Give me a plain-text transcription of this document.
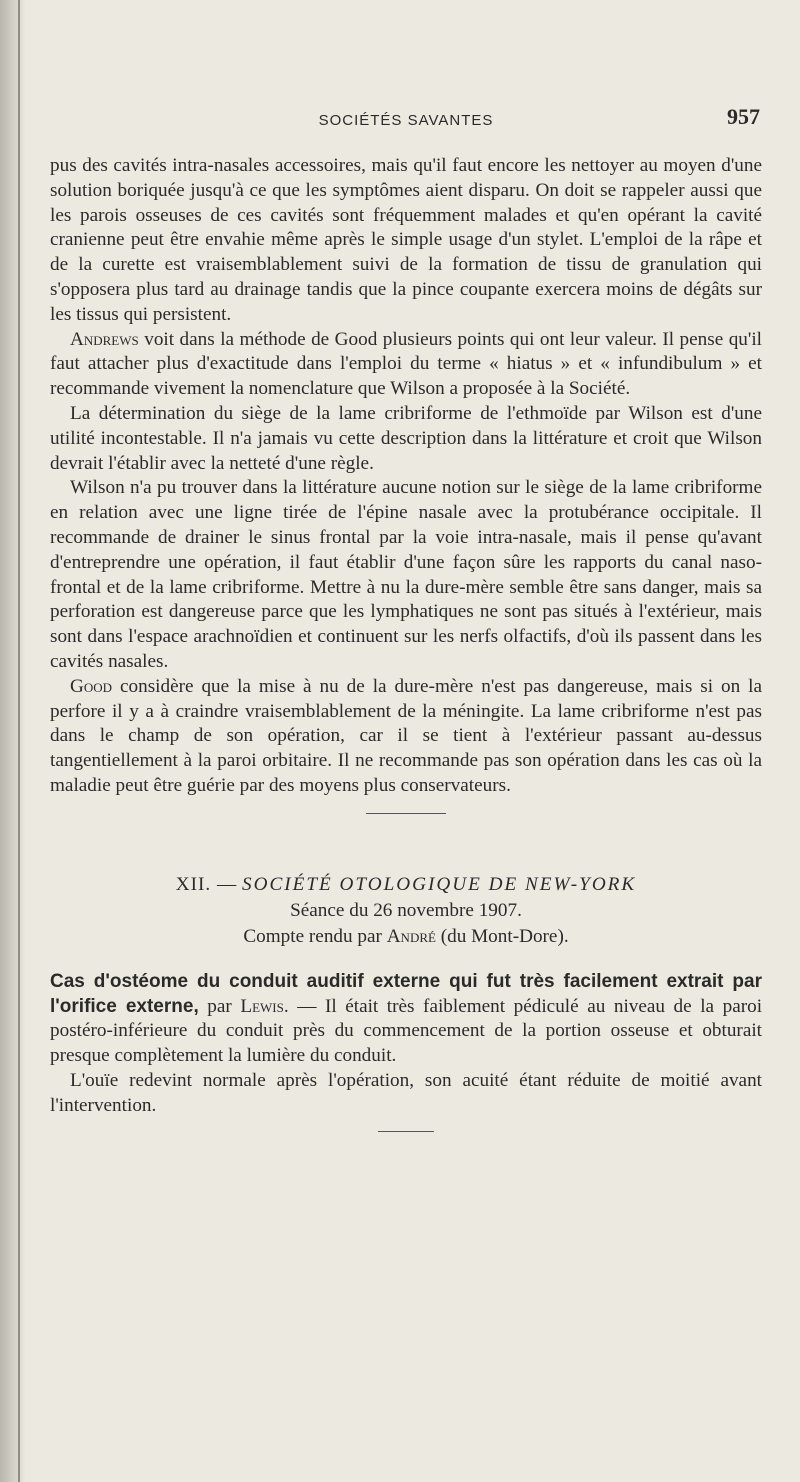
SOCIÉTÉS SAVANTES	957

pus des cavités intra-nasales accessoires, mais qu'il faut encore les nettoyer au moyen d'une solution boriquée jusqu'à ce que les symptômes aient disparu. On doit se rappeler aussi que les parois osseuses de ces cavités sont fréquemment malades et qu'en opérant la cavité cranienne peut être envahie même après le simple usage d'un stylet. L'emploi de la râpe et de la curette est vraisemblablement suivi de la formation de tissu de granulation qui s'opposera plus tard au drainage tandis que la pince coupante exercera moins de dégâts sur les tissus qui persistent.

Andrews voit dans la méthode de Good plusieurs points qui ont leur valeur. Il pense qu'il faut attacher plus d'exactitude dans l'emploi du terme « hiatus » et « infundibulum » et recommande vivement la nomenclature que Wilson a proposée à la Société.

La détermination du siège de la lame cribriforme de l'ethmoïde par Wilson est d'une utilité incontestable. Il n'a jamais vu cette description dans la littérature et croit que Wilson devrait l'établir avec la netteté d'une règle.

Wilson n'a pu trouver dans la littérature aucune notion sur le siège de la lame cribriforme en relation avec une ligne tirée de l'épine nasale avec la protubérance occipitale. Il recommande de drainer le sinus frontal par la voie intra-nasale, mais il pense qu'avant d'entreprendre une opération, il faut établir d'une façon sûre les rapports du canal naso-frontal et de la lame cribriforme. Mettre à nu la dure-mère semble être sans danger, mais sa perforation est dangereuse parce que les lymphatiques ne sont pas situés à l'extérieur, mais sont dans l'espace arachnoïdien et continuent sur les nerfs olfactifs, d'où ils passent dans les cavités nasales.

Good considère que la mise à nu de la dure-mère n'est pas dangereuse, mais si on la perfore il y a à craindre vraisemblablement de la méningite. La lame cribriforme n'est pas dans le champ de son opération, car il se tient à l'extérieur passant au-dessus tangentiellement à la paroi orbitaire. Il ne recommande pas son opération dans les cas où la maladie peut être guérie par des moyens plus conservateurs.

XII. — SOCIÉTÉ OTOLOGIQUE DE NEW-YORK
Séance du 26 novembre 1907.
Compte rendu par André (du Mont-Dore).

Cas d'ostéome du conduit auditif externe qui fut très facilement extrait par l'orifice externe, par Lewis. — Il était très faiblement pédiculé au niveau de la paroi postéro-inférieure du conduit près du commencement de la portion osseuse et obturait presque complètement la lumière du conduit.

L'ouïe redevint normale après l'opération, son acuité étant réduite de moitié avant l'intervention.
